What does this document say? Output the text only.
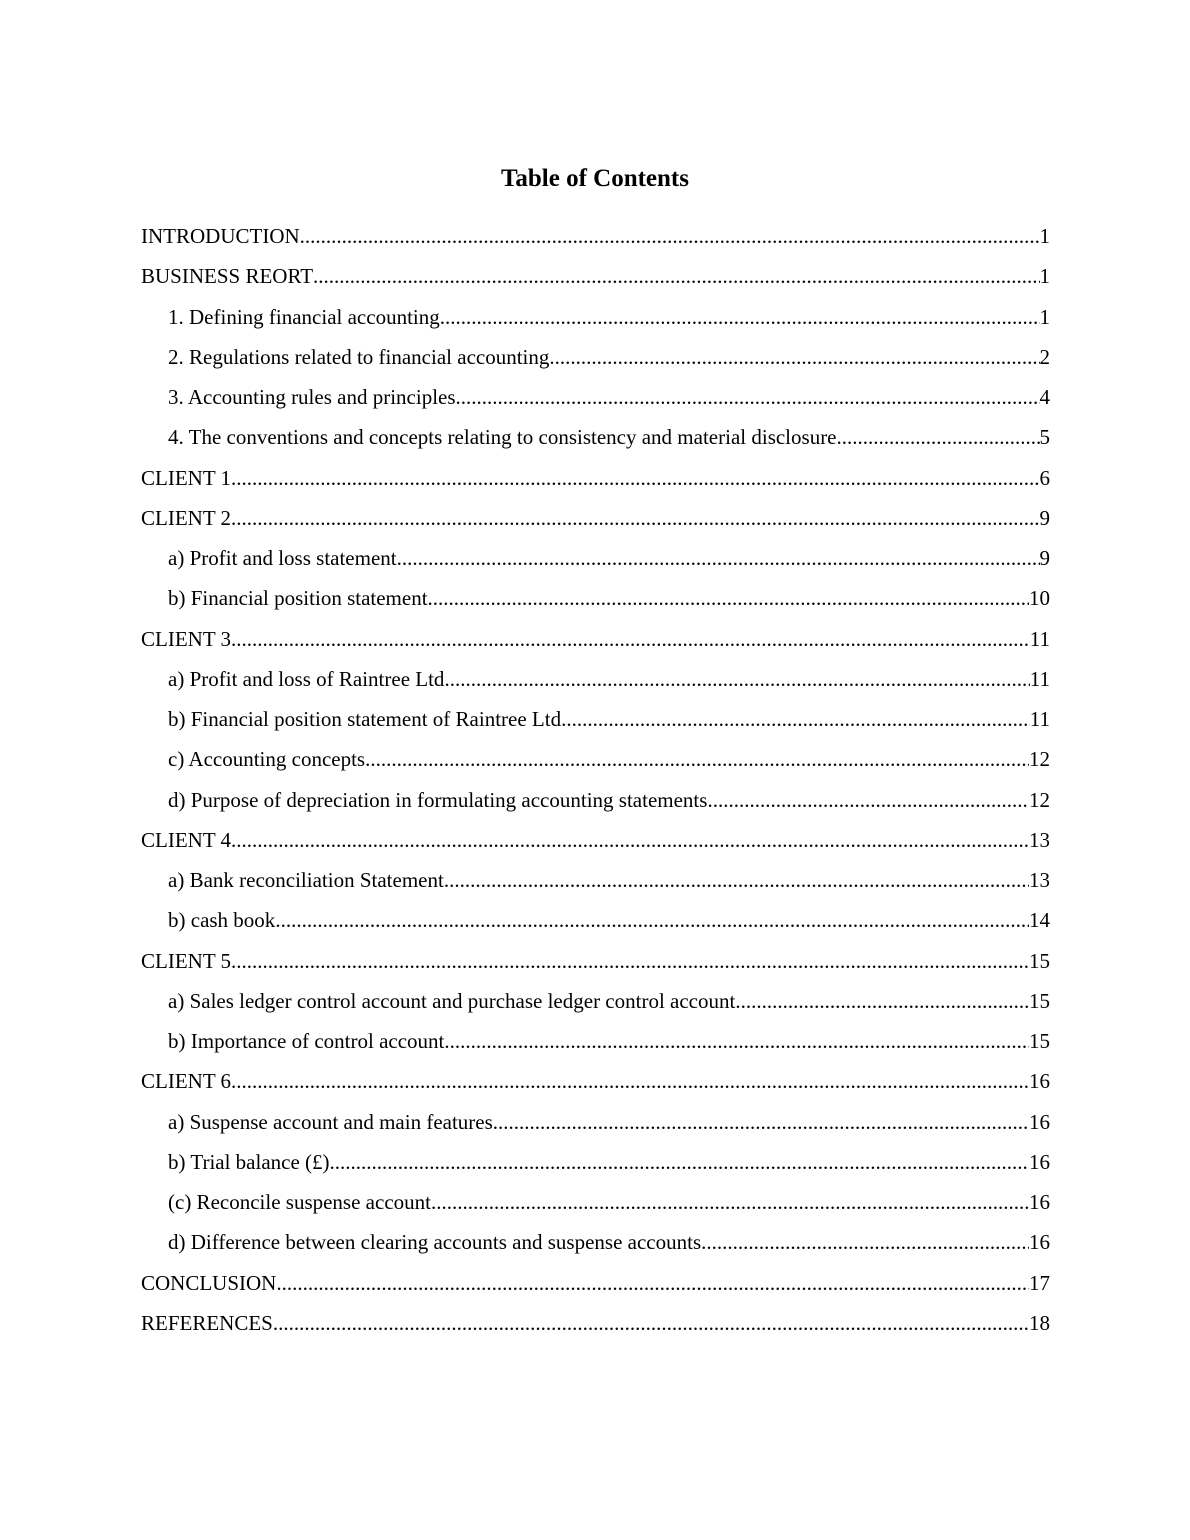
Table of Contents
INTRODUCTION .....	1
BUSINESS REORT .....	1
1. Defining financial accounting .....	1
2. Regulations related to financial accounting .....	2
3. Accounting rules and principles .....	4
4. The conventions and concepts relating to consistency and material disclosure .....	5
CLIENT 1 .....	6
CLIENT 2 .....	9
a) Profit and loss statement .....	9
b) Financial position statement .....	10
CLIENT 3 .....	11
a) Profit and loss of Raintree Ltd .....	11
b) Financial position statement of Raintree Ltd .....	11
c) Accounting concepts .....	12
d) Purpose of depreciation in formulating accounting statements .....	12
CLIENT 4 .....	13
a) Bank reconciliation Statement .....	13
b) cash book .....	14
CLIENT 5 .....	15
a) Sales ledger control account and purchase ledger control account .....	15
b) Importance of control account .....	15
CLIENT 6 .....	16
a) Suspense account and main features .....	16
b) Trial balance (£) .....	16
(c) Reconcile suspense account .....	16
d) Difference between clearing accounts and suspense accounts .....	16
CONCLUSION .....	17
REFERENCES .....	18
